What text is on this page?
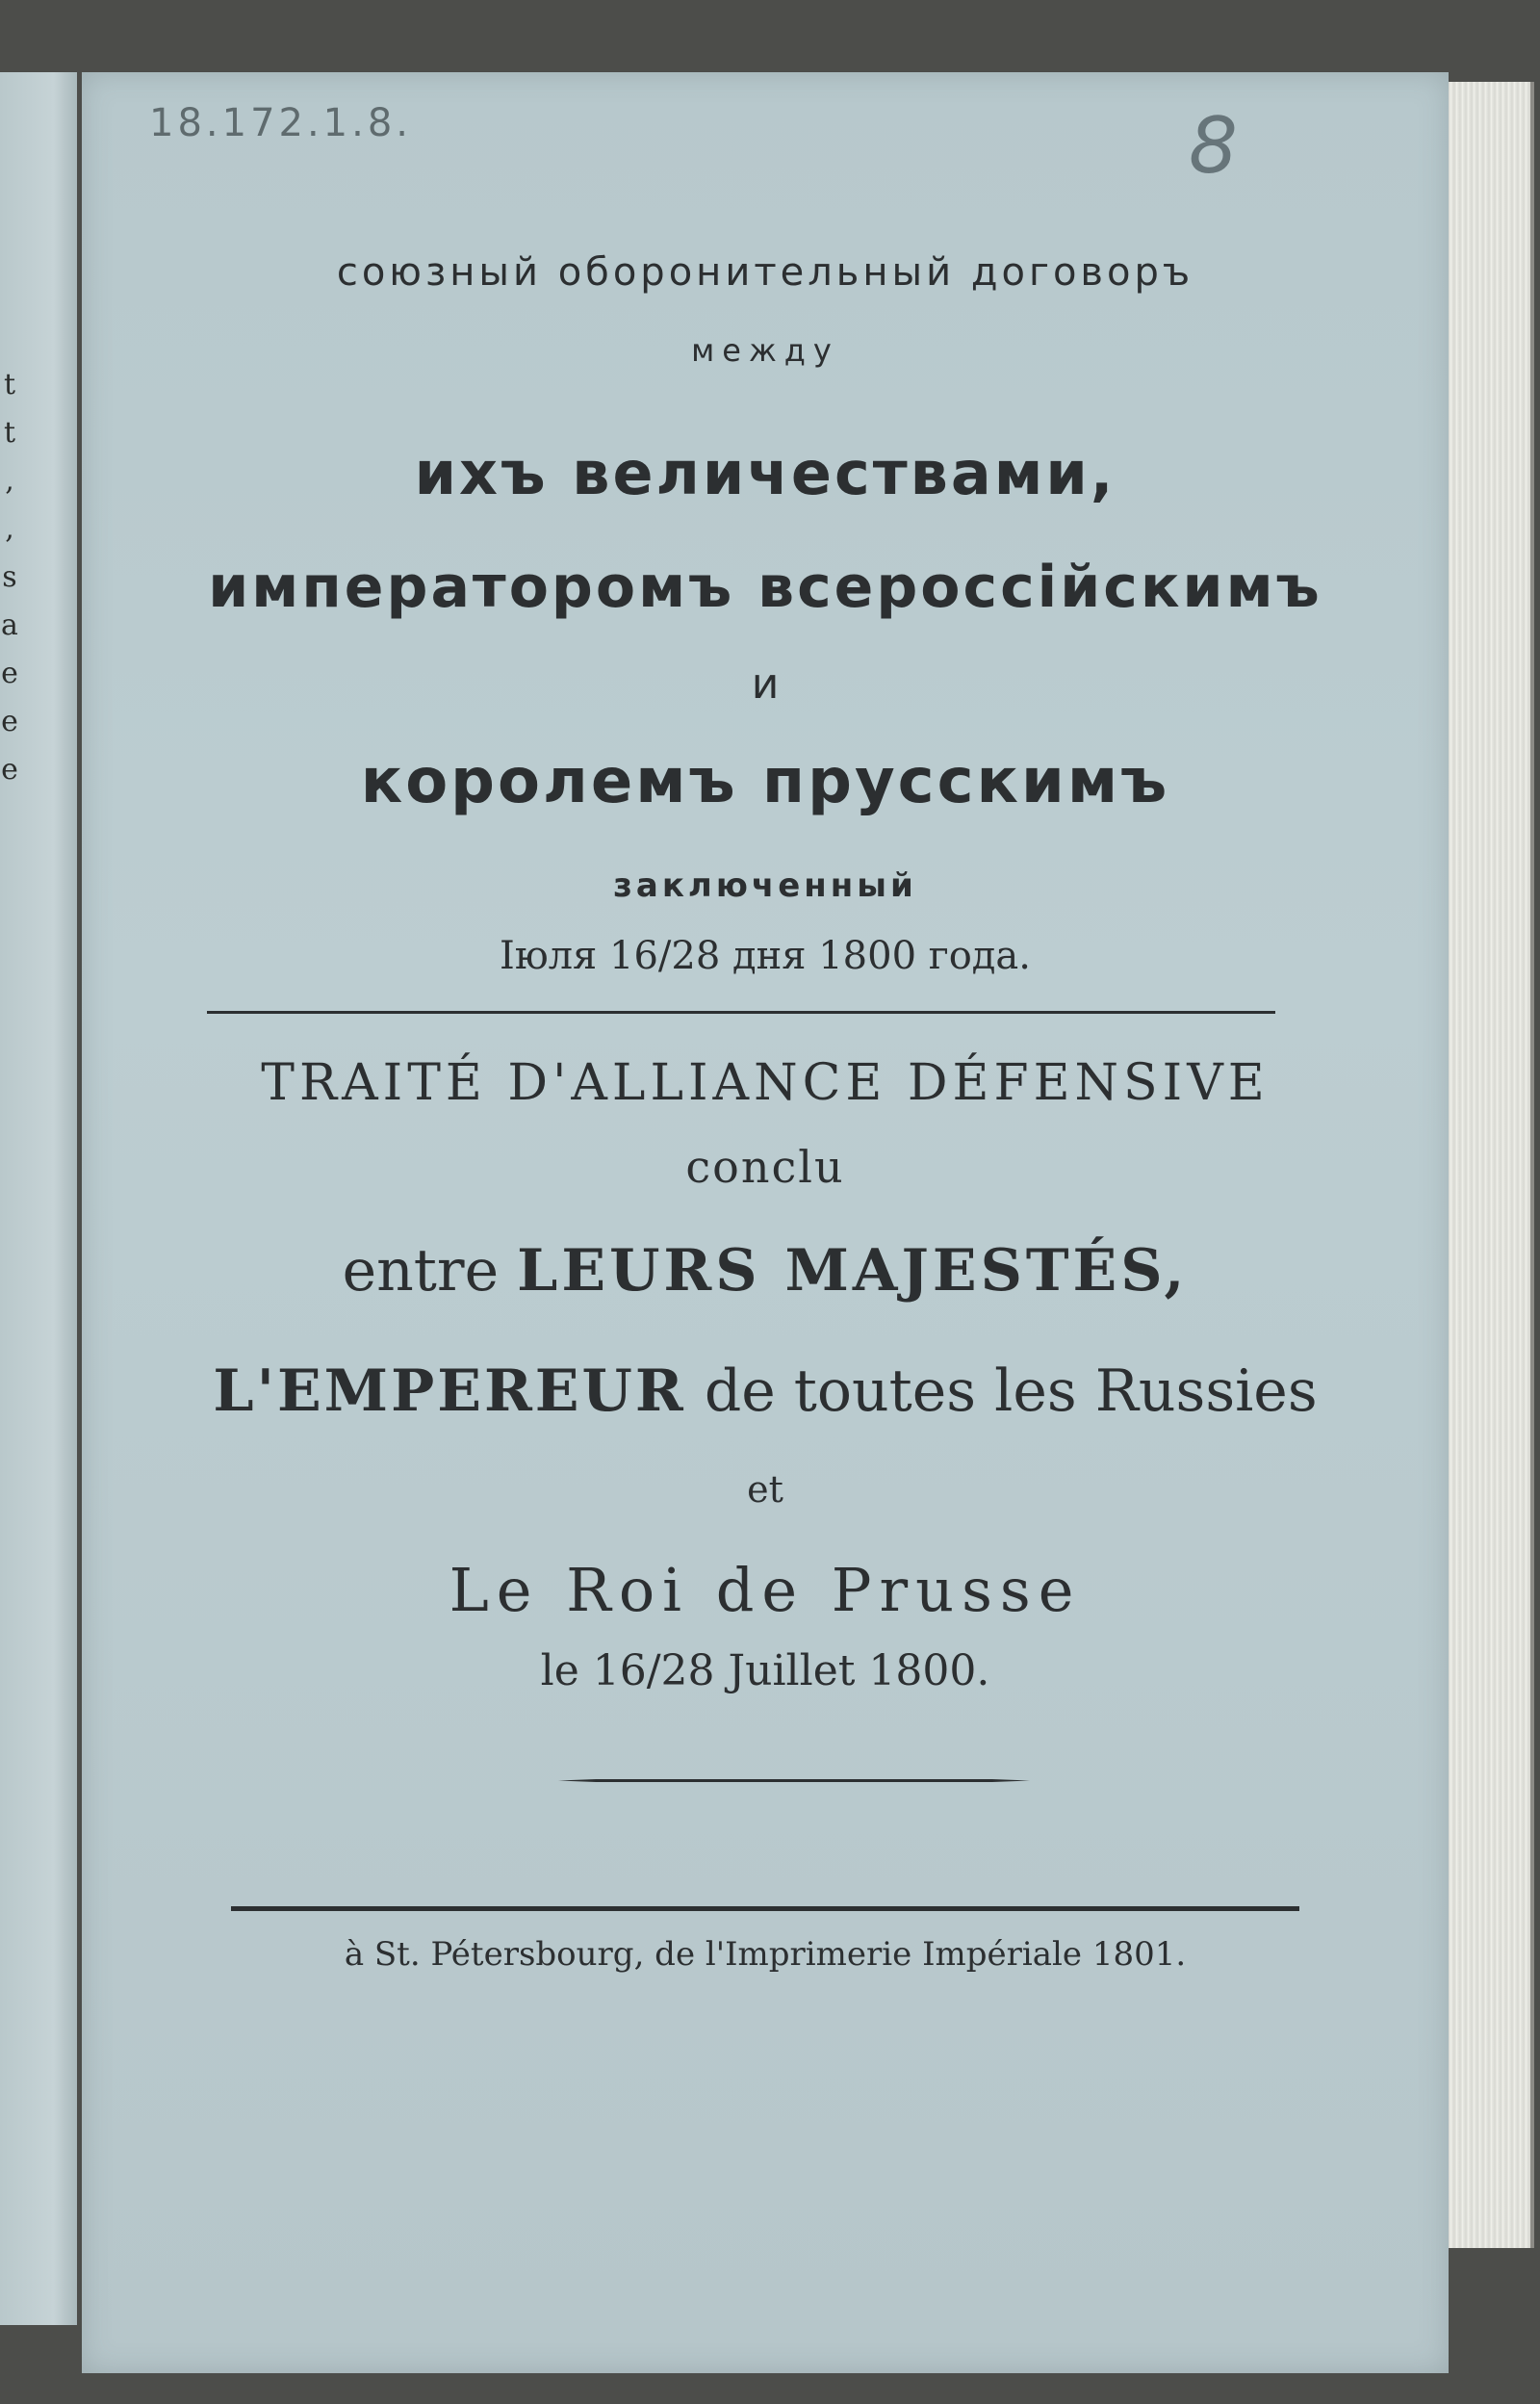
t
t
,
,
s
a
e
e
e
18.172.1.8.	8
союзный оборонительный договоръ
между
ихъ величествами,
императоромъ всероссійскимъ
и
королемъ прусскимъ
заключенный
Іюля 16/28 дня 1800 года.
TRAITÉ D'ALLIANCE DÉFENSIVE
conclu
entre LEURS MAJESTÉS,
L'EMPEREUR de toutes les Russies
et
Le Roi de Prusse
le 16/28 Juillet 1800.
à St. Pétersbourg, de l'Imprimerie Impériale 1801.
